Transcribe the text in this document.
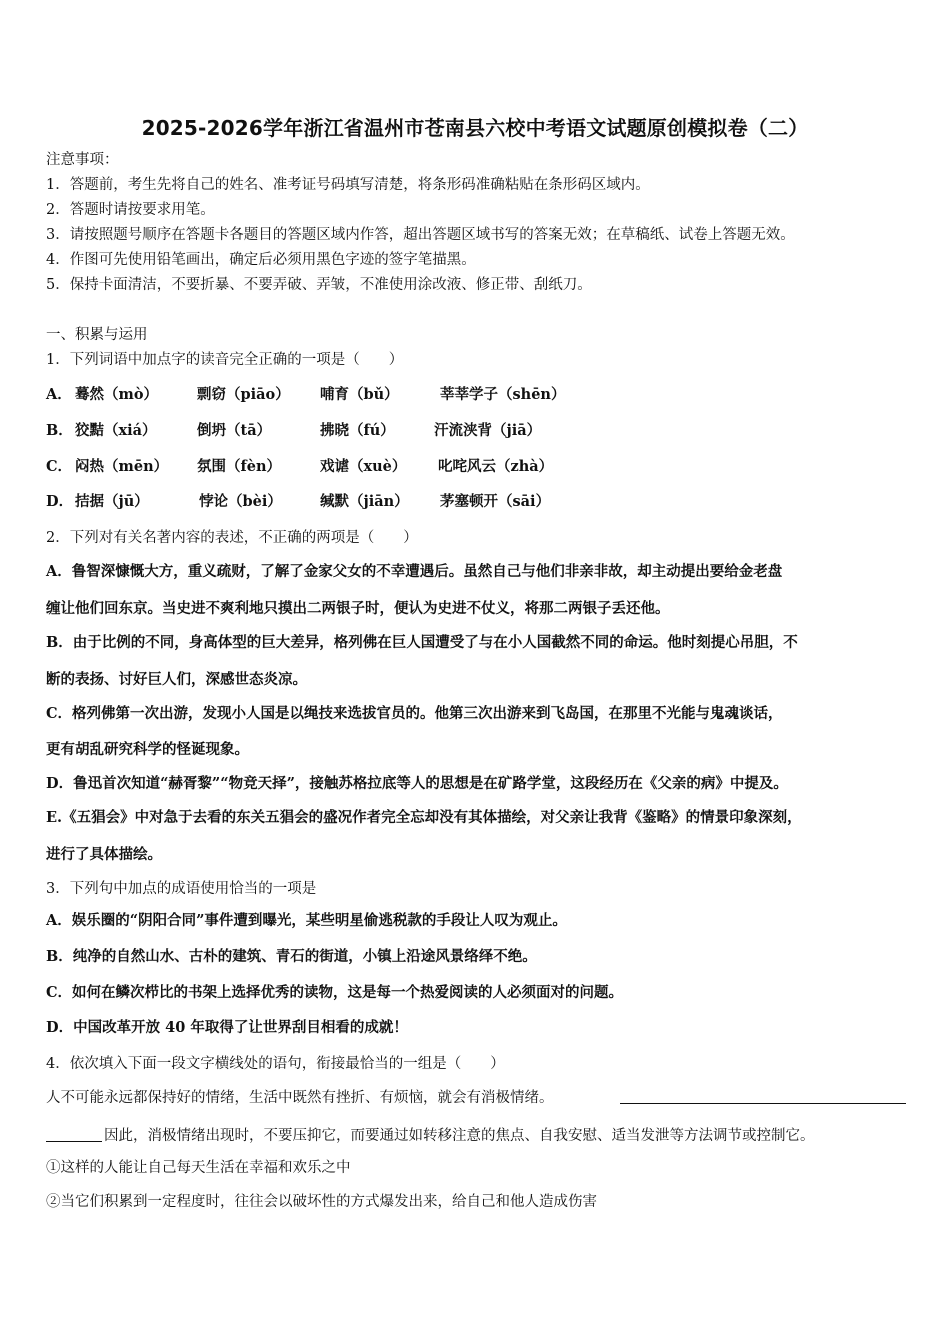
2025-2026学年浙江省温州市苍南县六校中考语文试题原创模拟卷（二）
注意事项：
1．答题前，考生先将自己的姓名、准考证号码填写清楚，将条形码准确粘贴在条形码区域内。
2．答题时请按要求用笔。
3．请按照题号顺序在答题卡各题目的答题区域内作答，超出答题区域书写的答案无效；在草稿纸、试卷上答题无效。
4．作图可先使用铅笔画出，确定后必须用黑色字迹的签字笔描黑。
5．保持卡面清洁，不要折暴、不要弄破、弄皱，不准使用涂改液、修正带、刮纸刀。
一、积累与运用
1．下列词语中加点字的读音完全正确的一项是（　　）
A． 蓦然（mò）	剽窃（piāo） 哺育（bǔ）	莘莘学子（shēn）
B． 狡黠（xiá）	倒坍（tā）	拂晓（fú）	汗流浃背（jiā）
C． 闷热（mēn） 氛围（fèn）	戏谑（xuè） 叱咤风云（zhà）
D． 拮据（jū）	悖论（bèi）	缄默（jiān） 茅塞顿开（sāi）
2．下列对有关名著内容的表述，不正确的两项是（　　）
A．鲁智深慷慨大方，重义疏财，了解了金家父女的不幸遭遇后。虽然自己与他们非亲非故，却主动提出要给金老盘
缠让他们回东京。当史进不爽利地只摸出二两银子时，便认为史进不仗义，将那二两银子丢还他。
B．由于比例的不同，身高体型的巨大差异，格列佛在巨人国遭受了与在小人国截然不同的命运。他时刻提心吊胆，不
断的表扬、讨好巨人们，深感世态炎凉。
C．格列佛第一次出游，发现小人国是以绳技来选拔官员的。他第三次出游来到飞岛国，在那里不光能与鬼魂谈话，
更有胡乱研究科学的怪诞现象。
D．鲁迅首次知道“赫胥黎”“物竞天择”，接触苏格拉底等人的思想是在矿路学堂，这段经历在《父亲的病》中提及。
E.《五猖会》中对急于去看的东关五猖会的盛况作者完全忘却没有其体描绘，对父亲让我背《鉴略》的情景印象深刻，
进行了具体描绘。
3．下列句中加点的成语使用恰当的一项是
A．娱乐圈的“阴阳合同”事件遭到曝光，某些明星偷逃税款的手段让人叹为观止。
B．纯净的自然山水、古朴的建筑、青石的街道，小镇上沿途风景络绎不绝。
C．如何在鳞次栉比的书架上选择优秀的读物，这是每一个热爱阅读的人必须面对的问题。
D．中国改革开放 40 年取得了让世界刮目相看的成就！
4．依次填入下面一段文字横线处的语句，衔接最恰当的一组是（　　）
人不可能永远都保持好的情绪，生活中既然有挫折、有烦恼，就会有消极情绪。
因此，消极情绪出现时，不要压抑它，而要通过如转移注意的焦点、自我安慰、适当发泄等方法调节或控制它。
①这样的人能让自己每天生活在幸福和欢乐之中
②当它们积累到一定程度时，往往会以破坏性的方式爆发出来，给自己和他人造成伤害
